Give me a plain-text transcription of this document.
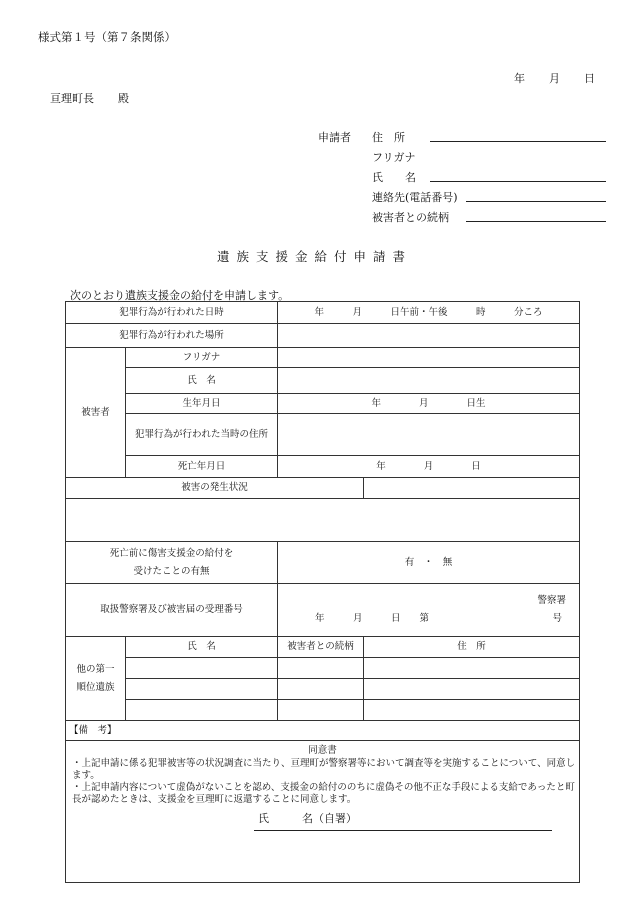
様式第１号（第７条関係）
年 月 日
亘理町長 殿
申請者 住　所
フリガナ
氏　　名
連絡先(電話番号)
被害者との続柄
遺族支援金給付申請書
次のとおり遺族支援金の給付を申請します。
犯罪行為が行われた日時		年　　　月　　　日午前・午後　　　時　　　分ころ	
犯罪行為が行われた場所			
被害者	フリガナ		
	氏　名		
	生年月日	年　　　　月　　　　日生	
	犯罪行為が行われた当時の住所		
	死亡年月日	年　　　　月　　　　日	
被害の発生状況			

死亡前に傷害支援金の給付を
受けたことの有無		有　・　無	
取扱警察署及び被害届の受理番号		警察署
年　　　月　　　日　　第 号	

他の第一
順位遺族	氏　名	被害者との続柄	住　所

【備　考】			

同意書
・上記申請に係る犯罪被害等の状況調査に当たり、亘理町が警察署等において調査等を実施することについて、同意します。
・上記申請内容について虚偽がないことを認め、支援金の給付ののちに虚偽その他不正な手段による支給であったと町長が認めたときは、支援金を亘理町に返還することに同意します。
氏　　　名（自署）			
